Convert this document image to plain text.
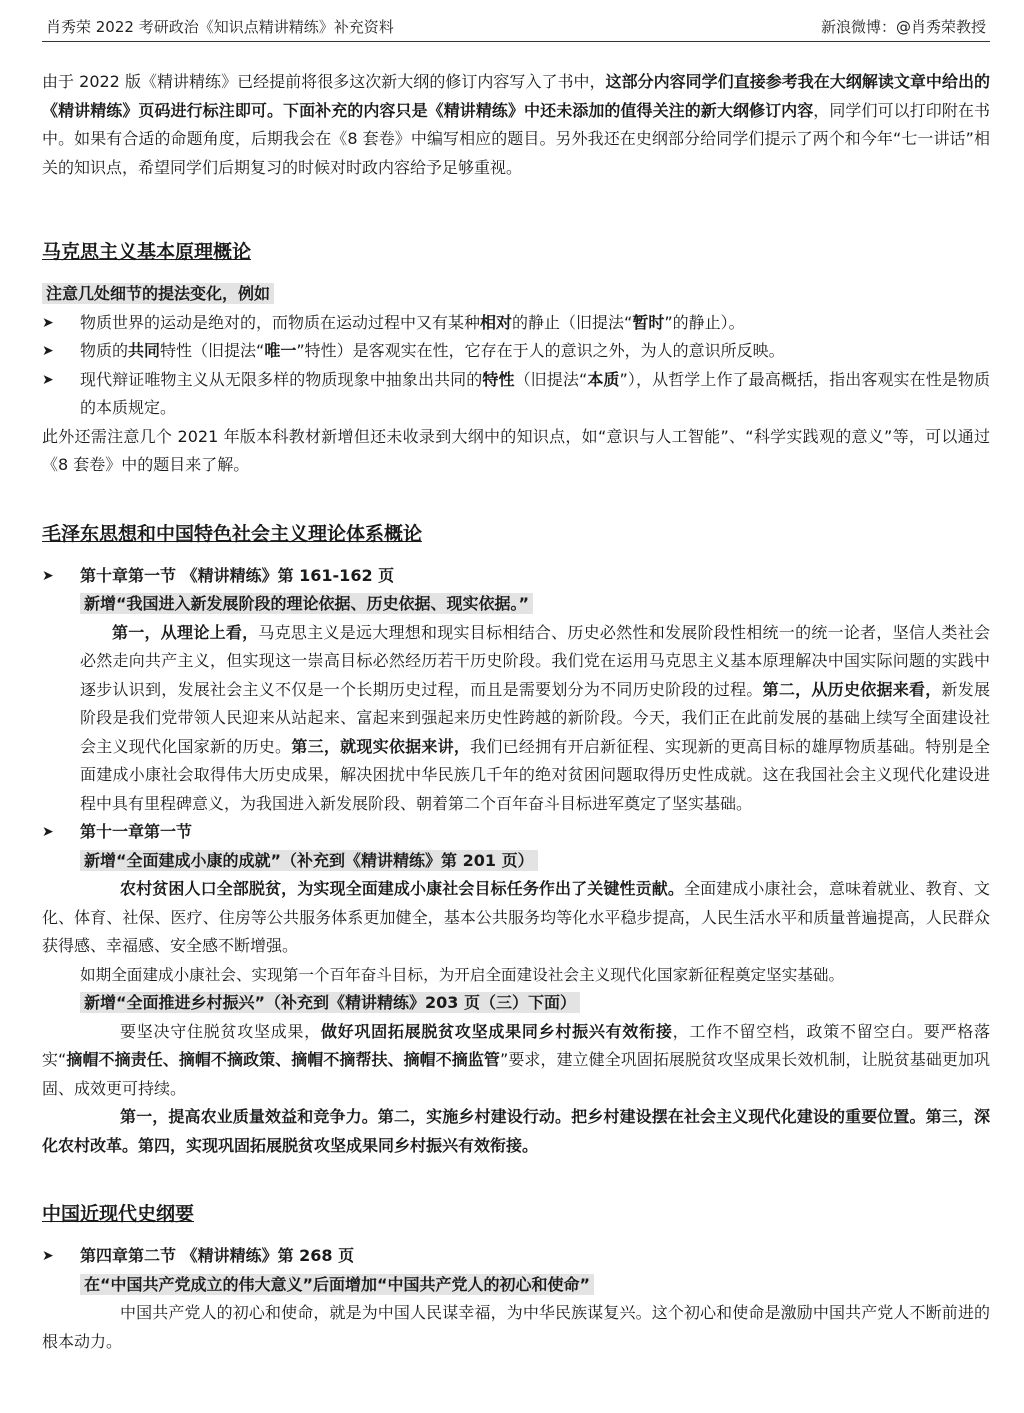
肖秀荣 2022 考研政治《知识点精讲精练》补充资料	新浪微博：@肖秀荣教授

由于 2022 版《精讲精练》已经提前将很多这次新大纲的修订内容写入了书中，这部分内容同学们直接参考我在大纲解读文章中给出的《精讲精练》页码进行标注即可。下面补充的内容只是《精讲精练》中还未添加的值得关注的新大纲修订内容，同学们可以打印附在书中。如果有合适的命题角度，后期我会在《8 套卷》中编写相应的题目。另外我还在史纲部分给同学们提示了两个和今年“七一讲话”相关的知识点，希望同学们后期复习的时候对时政内容给予足够重视。

马克思主义基本原理概论

注意几处细节的提法变化，例如

➤ 物质世界的运动是绝对的，而物质在运动过程中又有某种相对的静止（旧提法“暂时”的静止）。
➤ 物质的共同特性（旧提法“唯一”特性）是客观实在性，它存在于人的意识之外，为人的意识所反映。
➤ 现代辩证唯物主义从无限多样的物质现象中抽象出共同的特性（旧提法“本质”），从哲学上作了最高概括，指出客观实在性是物质的本质规定。

此外还需注意几个 2021 年版本科教材新增但还未收录到大纲中的知识点，如“意识与人工智能”、“科学实践观的意义”等，可以通过《8 套卷》中的题目来了解。

毛泽东思想和中国特色社会主义理论体系概论
➤ 第十章第一节 《精讲精练》第 161-162 页

新增“我国进入新发展阶段的理论依据、历史依据、现实依据。”

第一，从理论上看，马克思主义是远大理想和现实目标相结合、历史必然性和发展阶段性相统一的统一论者，坚信人类社会必然走向共产主义，但实现这一崇高目标必然经历若干历史阶段。我们党在运用马克思主义基本原理解决中国实际问题的实践中逐步认识到，发展社会主义不仅是一个长期历史过程，而且是需要划分为不同历史阶段的过程。第二，从历史依据来看，新发展阶段是我们党带领人民迎来从站起来、富起来到强起来历史性跨越的新阶段。今天，我们正在此前发展的基础上续写全面建设社会主义现代化国家新的历史。第三，就现实依据来讲，我们已经拥有开启新征程、实现新的更高目标的雄厚物质基础。特别是全面建成小康社会取得伟大历史成果，解决困扰中华民族几千年的绝对贫困问题取得历史性成就。这在我国社会主义现代化建设进程中具有里程碑意义，为我国进入新发展阶段、朝着第二个百年奋斗目标进军奠定了坚实基础。

➤ 第十一章第一节

新增“全面建成小康的成就”（补充到《精讲精练》第 201 页）

农村贫困人口全部脱贫，为实现全面建成小康社会目标任务作出了关键性贡献。全面建成小康社会，意味着就业、教育、文化、体育、社保、医疗、住房等公共服务体系更加健全，基本公共服务均等化水平稳步提高，人民生活水平和质量普遍提高，人民群众获得感、幸福感、安全感不断增强。

如期全面建成小康社会、实现第一个百年奋斗目标，为开启全面建设社会主义现代化国家新征程奠定坚实基础。

新增“全面推进乡村振兴”（补充到《精讲精练》203 页（三）下面）

要坚决守住脱贫攻坚成果，做好巩固拓展脱贫攻坚成果同乡村振兴有效衔接，工作不留空档，政策不留空白。要严格落实“摘帽不摘责任、摘帽不摘政策、摘帽不摘帮扶、摘帽不摘监管”要求，建立健全巩固拓展脱贫攻坚成果长效机制，让脱贫基础更加巩固、成效更可持续。

第一，提高农业质量效益和竞争力。第二，实施乡村建设行动。把乡村建设摆在社会主义现代化建设的重要位置。第三，深化农村改革。第四，实现巩固拓展脱贫攻坚成果同乡村振兴有效衔接。

中国近现代史纲要
➤ 第四章第二节 《精讲精练》第 268 页

在“中国共产党成立的伟大意义”后面增加“中国共产党人的初心和使命”

中国共产党人的初心和使命，就是为中国人民谋幸福，为中华民族谋复兴。这个初心和使命是激励中国共产党人不断前进的根本动力。
